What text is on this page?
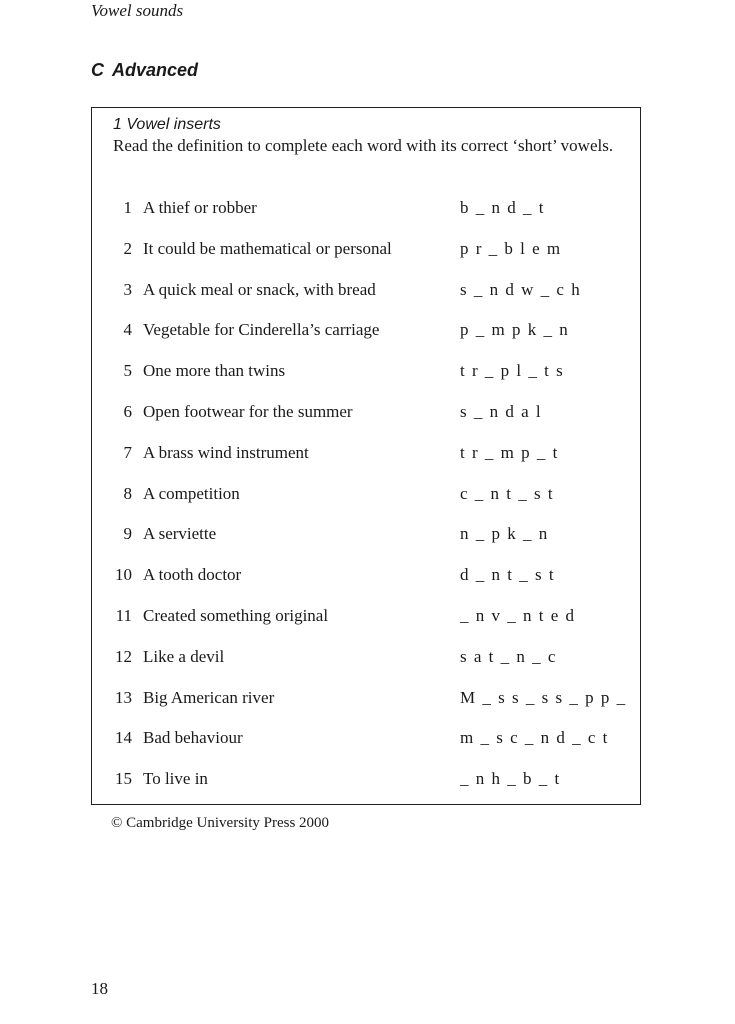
Vowel sounds
C Advanced
1 Vowel inserts
Read the definition to complete each word with its correct ‘short’ vowels.
1 A thief or robber	b _ n d _ t
2 It could be mathematical or personal	p r _ b l e m
3 A quick meal or snack, with bread	s _ n d w _ c h
4 Vegetable for Cinderella’s carriage	p _ m p k _ n
5 One more than twins	t r _ p l _ t s
6 Open footwear for the summer	s _ n d a l
7 A brass wind instrument	t r _ m p _ t
8 A competition	c _ n t _ s t
9 A serviette	n _ p k _ n
10 A tooth doctor	d _ n t _ s t
11 Created something original	_ n v _ n t e d
12 Like a devil	s a t _ n _ c
13 Big American river	M _ s s _ s s _ p p _
14 Bad behaviour	m _ s c _ n d _ c t
15 To live in	_ n h _ b _ t
© Cambridge University Press 2000
18
